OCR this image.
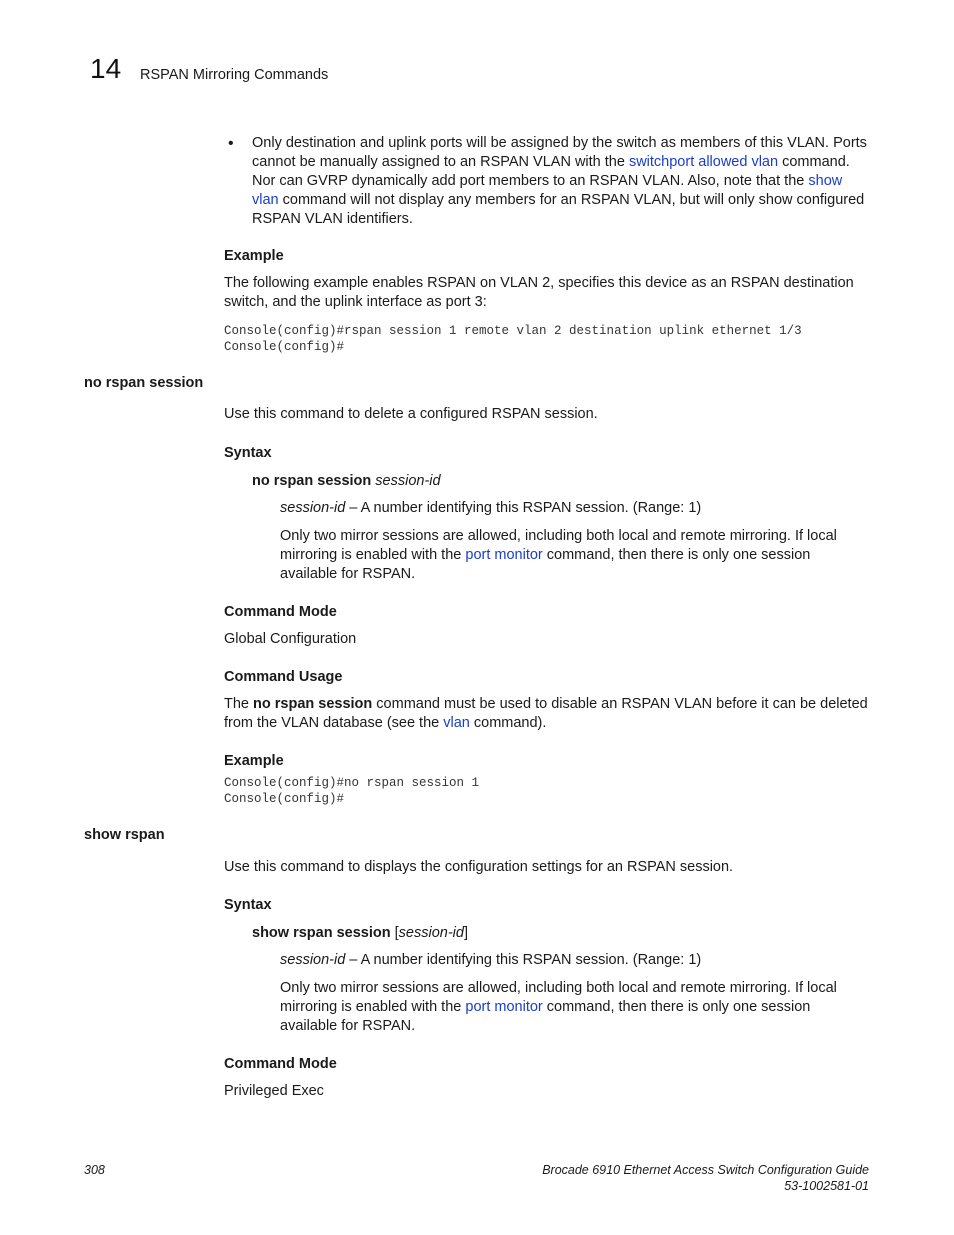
14 RSPAN Mirroring Commands
• Only destination and uplink ports will be assigned by the switch as members of this VLAN. Ports cannot be manually assigned to an RSPAN VLAN with the switchport allowed vlan command. Nor can GVRP dynamically add port members to an RSPAN VLAN. Also, note that the show vlan command will not display any members for an RSPAN VLAN, but will only show configured RSPAN VLAN identifiers.
Example
The following example enables RSPAN on VLAN 2, specifies this device as an RSPAN destination switch, and the uplink interface as port 3:
Console(config)#rspan session 1 remote vlan 2 destination uplink ethernet 1/3
Console(config)#
no rspan session
Use this command to delete a configured RSPAN session.
Syntax
no rspan session session-id
session-id – A number identifying this RSPAN session. (Range: 1)
Only two mirror sessions are allowed, including both local and remote mirroring. If local mirroring is enabled with the port monitor command, then there is only one session available for RSPAN.
Command Mode
Global Configuration
Command Usage
The no rspan session command must be used to disable an RSPAN VLAN before it can be deleted from the VLAN database (see the vlan command).
Example
Console(config)#no rspan session 1
Console(config)#
show rspan
Use this command to displays the configuration settings for an RSPAN session.
Syntax
show rspan session [session-id]
session-id – A number identifying this RSPAN session. (Range: 1)
Only two mirror sessions are allowed, including both local and remote mirroring. If local mirroring is enabled with the port monitor command, then there is only one session available for RSPAN.
Command Mode
Privileged Exec
308	Brocade 6910 Ethernet Access Switch Configuration Guide
53-1002581-01
